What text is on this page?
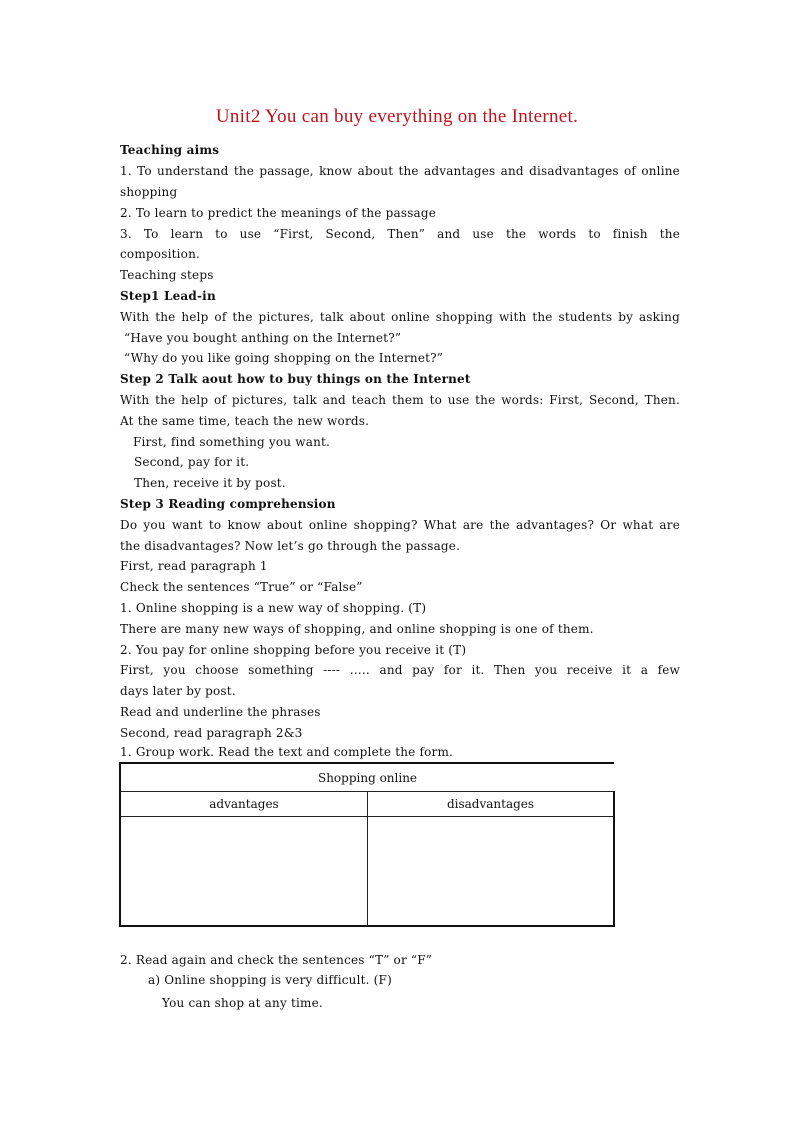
Unit2 You can buy everything on the Internet.
Teaching aims
1. To understand the passage, know about the advantages and disadvantages of online
shopping
2. To learn to predict the meanings of the passage
3. To learn to use “First, Second, Then” and use the words to finish the
composition.
Teaching steps
Step1 Lead-in
With the help of the pictures, talk about online shopping with the students by asking
“Have you bought anthing on the Internet?”
“Why do you like going shopping on the Internet?”
Step 2 Talk aout how to buy things on the Internet
With the help of pictures, talk and teach them to use the words: First, Second, Then.
At the same time, teach the new words.
First, find something you want.
Second, pay for it.
Then, receive it by post.
Step 3 Reading comprehension
Do you want to know about online shopping? What are the advantages? Or what are
the disadvantages? Now let’s go through the passage.
First, read paragraph 1
Check the sentences “True” or “False”
1. Online shopping is a new way of shopping. (T)
There are many new ways of shopping, and online shopping is one of them.
2. You pay for online shopping before you receive it (T)
First, you choose something ---- ….. and pay for it. Then you receive it a few
days later by post.
Read and underline the phrases
Second, read paragraph 2&3
1. Group work. Read the text and complete the form.
Shopping online	
advantages	disadvantages

2. Read again and check the sentences “T” or “F”
a) Online shopping is very difficult. (F)
You can shop at any time.
